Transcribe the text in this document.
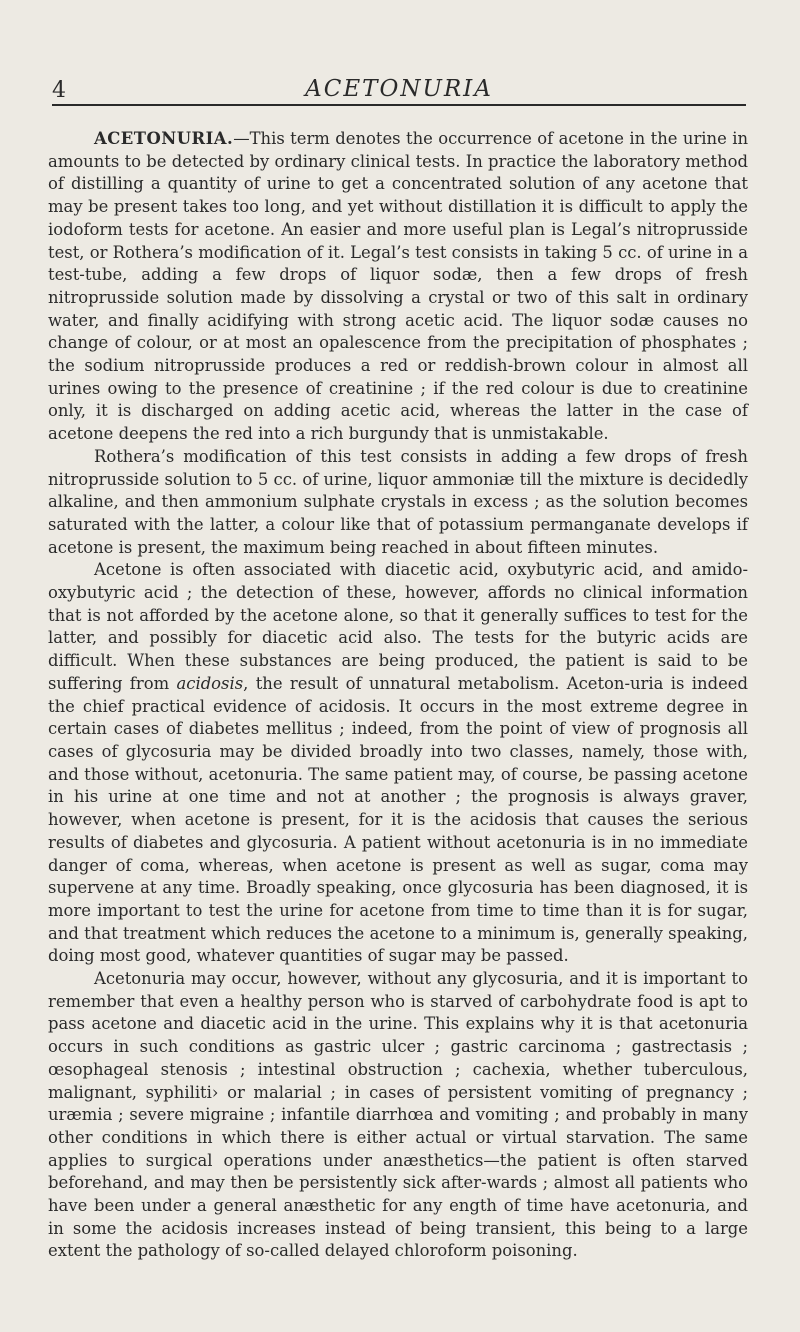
4	ACETONURIA

ACETONURIA.—This term denotes the occurrence of acetone in the urine in amounts to be detected by ordinary clinical tests. In practice the laboratory method of distilling a quantity of urine to get a concentrated solution of any acetone that may be present takes too long, and yet without distillation it is difficult to apply the iodoform tests for acetone. An easier and more useful plan is Legal’s nitroprusside test, or Rothera’s modification of it. Legal’s test consists in taking 5 cc. of urine in a test-tube, adding a few drops of liquor sodæ, then a few drops of fresh nitroprusside solution made by dissolving a crystal or two of this salt in ordinary water, and finally acidifying with strong acetic acid. The liquor sodæ causes no change of colour, or at most an opalescence from the precipitation of phosphates ; the sodium nitroprusside produces a red or reddish-brown colour in almost all urines owing to the presence of creatinine ; if the red colour is due to creatinine only, it is discharged on adding acetic acid, whereas the latter in the case of acetone deepens the red into a rich burgundy that is unmistakable.

Rothera’s modification of this test consists in adding a few drops of fresh nitroprusside solution to 5 cc. of urine, liquor ammoniæ till the mixture is decidedly alkaline, and then ammonium sulphate crystals in excess ; as the solution becomes saturated with the latter, a colour like that of potassium permanganate develops if acetone is present, the maximum being reached in about fifteen minutes.

Acetone is often associated with diacetic acid, oxybutyric acid, and amido-oxybutyric acid ; the detection of these, however, affords no clinical information that is not afforded by the acetone alone, so that it generally suffices to test for the latter, and possibly for diacetic acid also. The tests for the butyric acids are difficult. When these substances are being produced, the patient is said to be suffering from acidosis, the result of unnatural metabolism. Aceton-uria is indeed the chief practical evidence of acidosis. It occurs in the most extreme degree in certain cases of diabetes mellitus ; indeed, from the point of view of prognosis all cases of glycosuria may be divided broadly into two classes, namely, those with, and those without, acetonuria. The same patient may, of course, be passing acetone in his urine at one time and not at another ; the prognosis is always graver, however, when acetone is present, for it is the acidosis that causes the serious results of diabetes and glycosuria. A patient without acetonuria is in no immediate danger of coma, whereas, when acetone is present as well as sugar, coma may supervene at any time. Broadly speaking, once glycosuria has been diagnosed, it is more important to test the urine for acetone from time to time than it is for sugar, and that treatment which reduces the acetone to a minimum is, generally speaking, doing most good, whatever quantities of sugar may be passed.

Acetonuria may occur, however, without any glycosuria, and it is important to remember that even a healthy person who is starved of carbohydrate food is apt to pass acetone and diacetic acid in the urine. This explains why it is that acetonuria occurs in such conditions as gastric ulcer ; gastric carcinoma ; gastrectasis ; œsophageal stenosis ; intestinal obstruction ; cachexia, whether tuberculous, malignant, syphiliti› or malarial ; in cases of persistent vomiting of pregnancy ; uræmia ; severe migraine ; infantile diarrhœa and vomiting ; and probably in many other conditions in which there is either actual or virtual starvation. The same applies to surgical operations under anæsthetics—the patient is often starved beforehand, and may then be persistently sick after-wards ; almost all patients who have been under a general anæsthetic for any ength of time have acetonuria, and in some the acidosis increases instead of being transient, this being to a large extent the pathology of so-called delayed chloroform poisoning.
